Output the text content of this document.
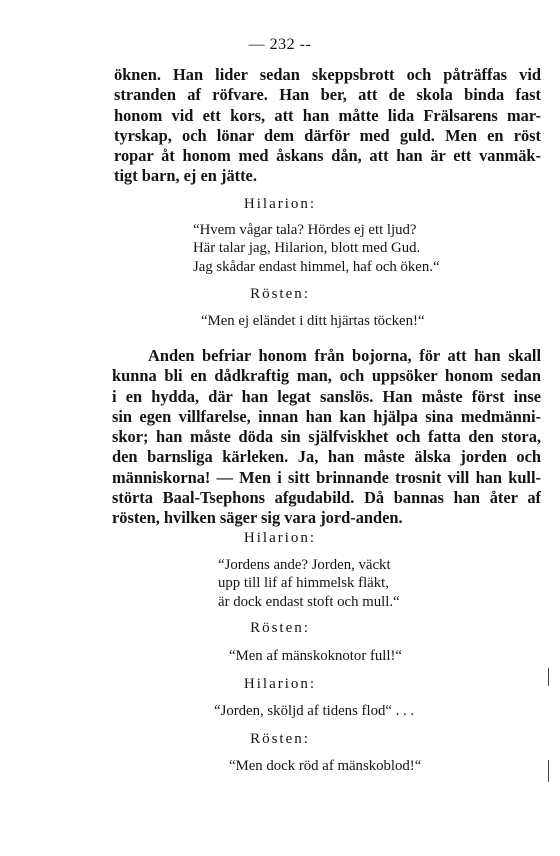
— 232 --

öknen. Han lider sedan skeppsbrott och påträffas vid
stranden af röfvare. Han ber, att de skola binda fast
honom vid ett kors, att han måtte lida Frälsarens mar-
tyrskap, och lönar dem därför med guld. Men en röst
ropar åt honom med åskans dån, att han är ett vanmäk-
tigt barn, ej en jätte.

Hilarion:

“Hvem vågar tala? Hördes ej ett ljud?
Här talar jag, Hilarion, blott med Gud.
Jag skådar endast himmel, haf och öken.“

Rösten:

“Men ej eländet i ditt hjärtas töcken!“

Anden befriar honom från bojorna, för att han skall
kunna bli en dådkraftig man, och uppsöker honom sedan
i en hydda, där han legat sanslös. Han måste först inse
sin egen villfarelse, innan han kan hjälpa sina medmänni-
skor; han måste döda sin själfviskhet och fatta den stora,
den barnsliga kärleken. Ja, han måste älska jorden och
människorna! — Men i sitt brinnande trosnit vill han kull-
störta Baal-Tsephons afgudabild. Då bannas han åter af
rösten, hvilken säger sig vara jord-anden.

Hilarion:

“Jordens ande? Jorden, väckt
upp till lif af himmelsk fläkt,
är dock endast stoft och mull.“

Rösten:

“Men af mänskoknotor full!“

Hilarion:

“Jorden, sköljd af tidens flod“ . . .

Rösten:

“Men dock röd af mänskoblod!“
